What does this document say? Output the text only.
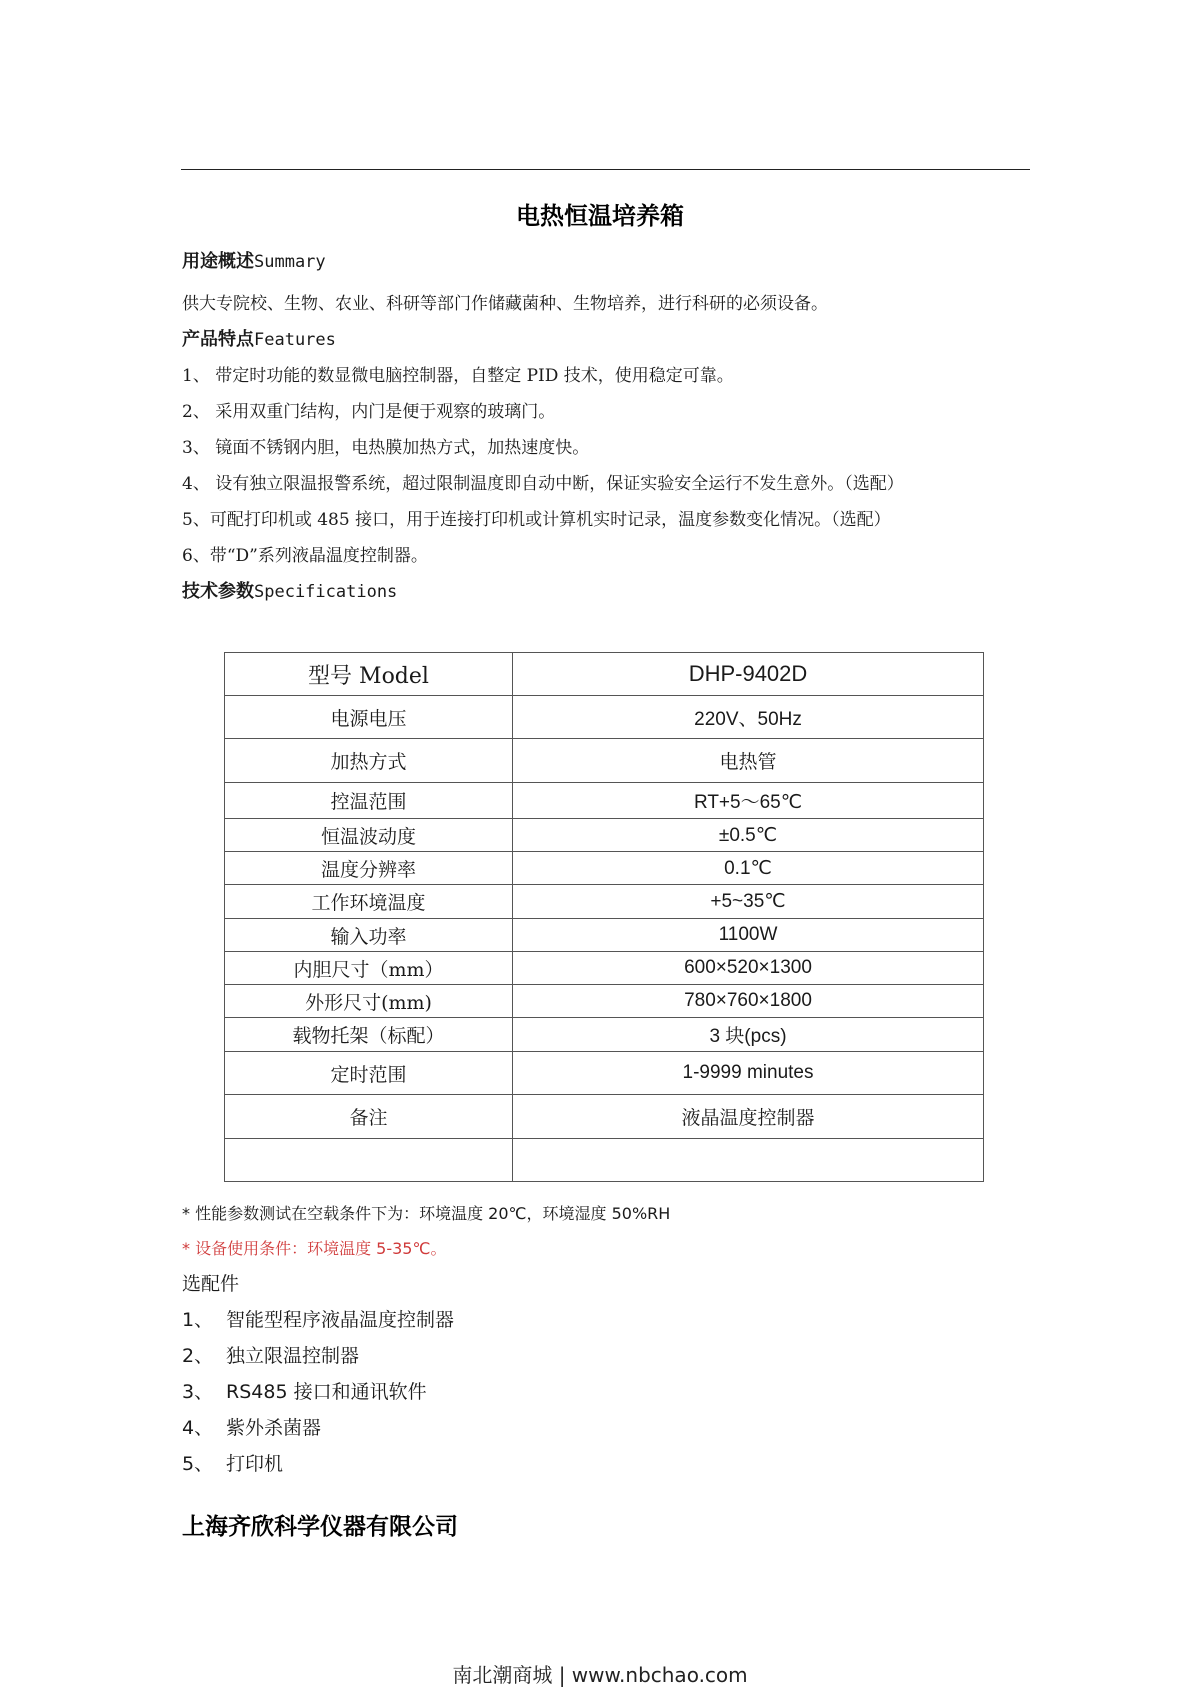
电热恒温培养箱
用途概述Summary
供大专院校、生物、农业、科研等部门作储藏菌种、生物培养，进行科研的必须设备。
产品特点Features
1、 带定时功能的数显微电脑控制器，自整定 PID 技术，使用稳定可靠。
2、 采用双重门结构，内门是便于观察的玻璃门。
3、 镜面不锈钢内胆，电热膜加热方式，加热速度快。
4、 设有独立限温报警系统，超过限制温度即自动中断，保证实验安全运行不发生意外。（选配）
5、可配打印机或 485 接口，用于连接打印机或计算机实时记录，温度参数变化情况。（选配）
6、带“D”系列液晶温度控制器。
技术参数Specifications
型号 Model	DHP-9402D
电源电压	220V、50Hz
加热方式	电热管
控温范围	RT+5～65℃
恒温波动度	±0.5℃
温度分辨率	0.1℃
工作环境温度	+5~35℃
输入功率	1100W
内胆尺寸（mm）	600×520×1300
外形尺寸(mm)	780×760×1800
载物托架（标配）	3 块(pcs)
定时范围	1-9999 minutes
备注	液晶温度控制器

* 性能参数测试在空载条件下为：环境温度 20℃，环境湿度 50%RH
* 设备使用条件：环境温度 5-35℃。
选配件
1、 智能型程序液晶温度控制器
2、 独立限温控制器
3、 RS485 接口和通讯软件
4、 紫外杀菌器
5、 打印机
上海齐欣科学仪器有限公司
南北潮商城 | www.nbchao.com
